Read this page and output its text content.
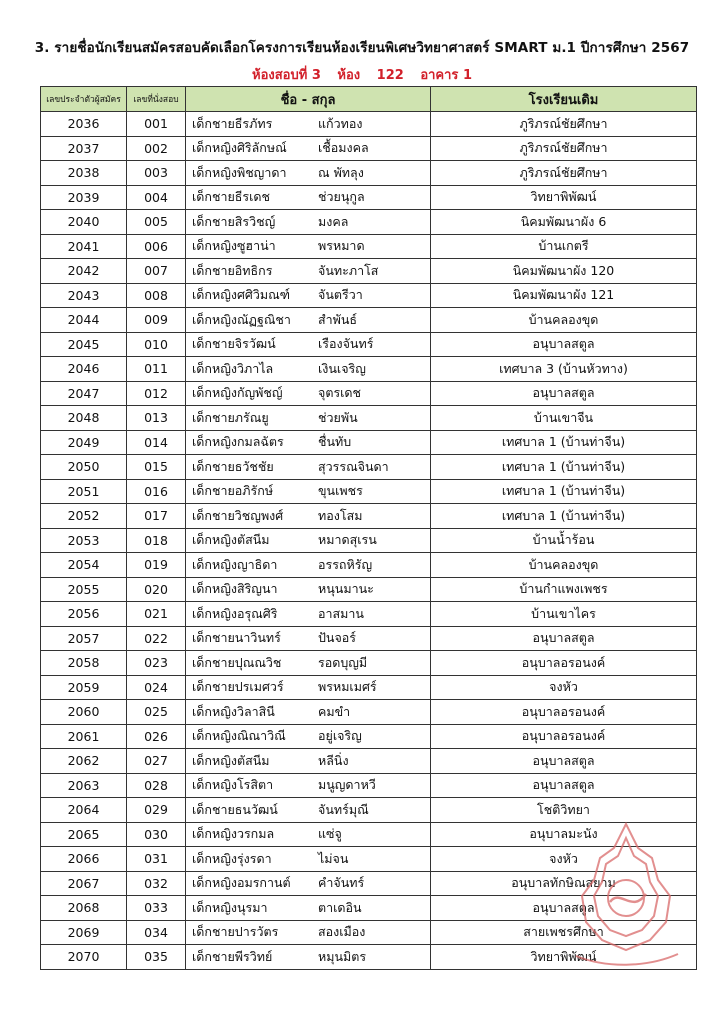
3. รายชื่อนักเรียนสมัครสอบคัดเลือกโครงการเรียนห้องเรียนพิเศษวิทยาศาสตร์ SMART ม.1 ปีการศึกษา 2567
ห้องสอบที่ 3 ห้อง 122 อาคาร 1
เลขประจำตัวผู้สมัคร	เลขที่นั่งสอบ	ชื่อ - สกุล	โรงเรียนเดิม
2036	001	เด็กชายธีรภัทร แก้วทอง	ภูริภรณ์ชัยศึกษา
2037	002	เด็กหญิงศิริลักษณ์ เชื้อมงคล	ภูริภรณ์ชัยศึกษา
2038	003	เด็กหญิงพิชญาดา ณ พัทลุง	ภูริภรณ์ชัยศึกษา
2039	004	เด็กชายธีรเดช ช่วยนุกูล	วิทยาพิพัฒน์
2040	005	เด็กชายสิรวิชญ์ มงคล	นิคมพัฒนาผัง 6
2041	006	เด็กหญิงซูฮาน่า พรหมาด	บ้านเกตรี
2042	007	เด็กชายอิทธิกร จันทะภาโส	นิคมพัฒนาผัง 120
2043	008	เด็กหญิงศศิวิมณฑ์ จันตรีวา	นิคมพัฒนาผัง 121
2044	009	เด็กหญิงณัฏฐณิชา สำพันธ์	บ้านคลองขุด
2045	010	เด็กชายจิรวัฒน์ เรืองจันทร์	อนุบาลสตูล
2046	011	เด็กหญิงวิภาไล เงินเจริญ	เทศบาล 3 (บ้านหัวทาง)
2047	012	เด็กหญิงกัญพัชญ์ จุตรเดช	อนุบาลสตูล
2048	013	เด็กชายภรัณยู ช่วยพัน	บ้านเขาจีน
2049	014	เด็กหญิงกมลฉัตร ชื่นทับ	เทศบาล 1 (บ้านท่าจีน)
2050	015	เด็กชายธวัชชัย สุวรรณจินดา	เทศบาล 1 (บ้านท่าจีน)
2051	016	เด็กชายอภิรักษ์ ขุนเพชร	เทศบาล 1 (บ้านท่าจีน)
2052	017	เด็กชายวิชญพงศ์ ทองโสม	เทศบาล 1 (บ้านท่าจีน)
2053	018	เด็กหญิงตัสนีม หมาดสุเรน	บ้านน้ำร้อน
2054	019	เด็กหญิงญาธิดา อรรถหิรัญ	บ้านคลองขุด
2055	020	เด็กหญิงสิริญนา หนุนมานะ	บ้านกำแพงเพชร
2056	021	เด็กหญิงอรุณศิริ อาสมาน	บ้านเขาไคร
2057	022	เด็กชายนาวินทร์ ปันจอร์	อนุบาลสตูล
2058	023	เด็กชายปุณณวิช รอดบุญมี	อนุบาลอรอนงค์
2059	024	เด็กชายปรเมศวร์ พรหมเมศร์	จงหัว
2060	025	เด็กหญิงวิลาสินี คมขำ	อนุบาลอรอนงค์
2061	026	เด็กหญิงณิณาวิณี อยู่เจริญ	อนุบาลอรอนงค์
2062	027	เด็กหญิงตัสนีม หลีนิ่ง	อนุบาลสตูล
2063	028	เด็กหญิงโรสิตา มนูญดาหวี	อนุบาลสตูล
2064	029	เด็กชายธนวัฒน์ จันทร์มุณี	โชติวิทยา
2065	030	เด็กหญิงวรกมล แซ่จู	อนุบาลมะนัง
2066	031	เด็กหญิงรุ่งรดา ไม่จน	จงหัว
2067	032	เด็กหญิงอมรกานต์ คำจันทร์	อนุบาลทักษิณสยาม
2068	033	เด็กหญิงนุรมา ตาเดอิน	อนุบาลสตูล
2069	034	เด็กชายปารวัตร สองเมือง	สายเพชรศึกษา
2070	035	เด็กชายพีรวิทย์ หมุนมิตร	วิทยาพิพัฒน์
